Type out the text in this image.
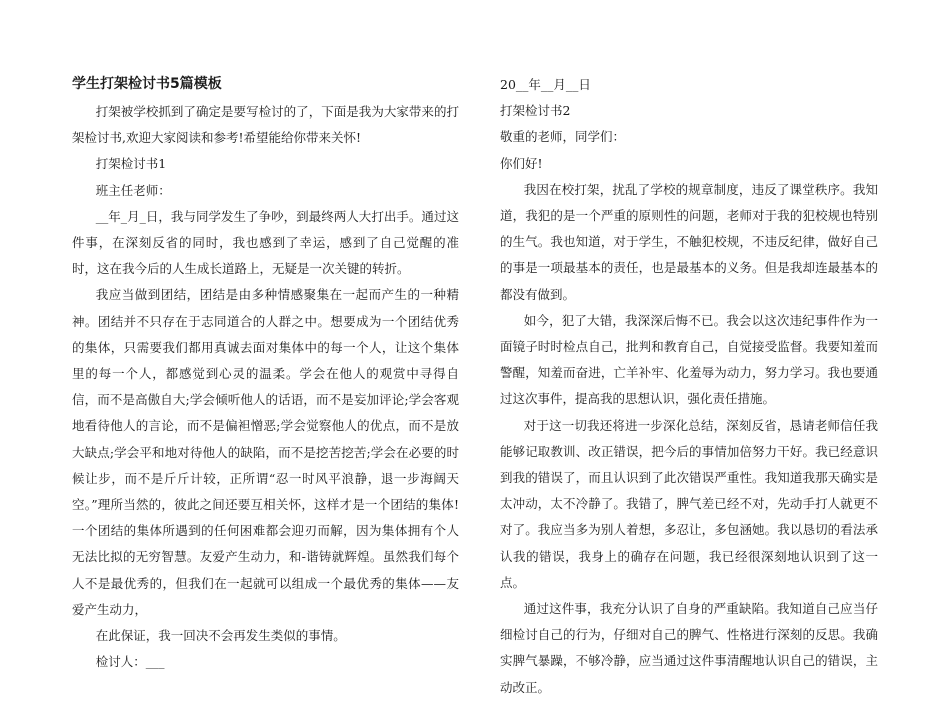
学生打架检讨书5篇模板

打架被学校抓到了确定是要写检讨的了，下面是我为大家带来的打架检讨书,欢迎大家阅读和参考!希望能给你带来关怀!

打架检讨书1

班主任老师：

__年_月_日，我与同学发生了争吵，到最终两人大打出手。通过这件事，在深刻反省的同时，我也感到了幸运，感到了自己觉醒的准时，这在我今后的人生成长道路上，无疑是一次关键的转折。

我应当做到团结，团结是由多种情感聚集在一起而产生的一种精神。团结并不只存在于志同道合的人群之中。想要成为一个团结优秀的集体，只需要我们都用真诚去面对集体中的每一个人，让这个集体里的每一个人，都感觉到心灵的温柔。学会在他人的观赏中寻得自信，而不是高傲自大;学会倾听他人的话语，而不是妄加评论;学会客观地看待他人的言论，而不是偏袒憎恶;学会觉察他人的优点，而不是放大缺点;学会平和地对待他人的缺陷，而不是挖苦挖苦;学会在必要的时候让步，而不是斤斤计较，正所谓“忍一时风平浪静，退一步海阔天空。”理所当然的，彼此之间还要互相关怀，这样才是一个团结的集体!一个团结的集体所遇到的任何困难都会迎刃而解，因为集体拥有个人无法比拟的无穷智慧。友爱产生动力，和-谐铸就辉煌。虽然我们每个人不是最优秀的，但我们在一起就可以组成一个最优秀的集体——友爱产生动力，

在此保证，我一回决不会再发生类似的事情。

检讨人：___

20__年__月__日

打架检讨书2

敬重的老师，同学们：

你们好!

我因在校打架，扰乱了学校的规章制度，违反了课堂秩序。我知道，我犯的是一个严重的原则性的问题，老师对于我的犯校规也特别的生气。我也知道，对于学生，不触犯校规，不违反纪律，做好自己的事是一项最基本的责任，也是最基本的义务。但是我却连最基本的都没有做到。

如今，犯了大错，我深深后悔不已。我会以这次违纪事件作为一面镜子时时检点自己，批判和教育自己，自觉接受监督。我要知羞而警醒，知羞而奋进，亡羊补牢、化羞辱为动力，努力学习。我也要通过这次事件，提高我的思想认识，强化责任措施。

对于这一切我还将进一步深化总结，深刻反省，恳请老师信任我能够记取教训、改正错误，把今后的事情加倍努力干好。我已经意识到我的错误了，而且认识到了此次错误严重性。我知道我那天确实是太冲动，太不冷静了。我错了，脾气差已经不对，先动手打人就更不对了。我应当多为别人着想，多忍让，多包涵她。我以恳切的看法承认我的错误，我身上的确存在问题，我已经很深刻地认识到了这一点。

通过这件事，我充分认识了自身的严重缺陷。我知道自己应当仔细检讨自己的行为，仔细对自己的脾气、性格进行深刻的反思。我确实脾气暴躁，不够冷静，应当通过这件事清醒地认识自己的错误，主动改正。
